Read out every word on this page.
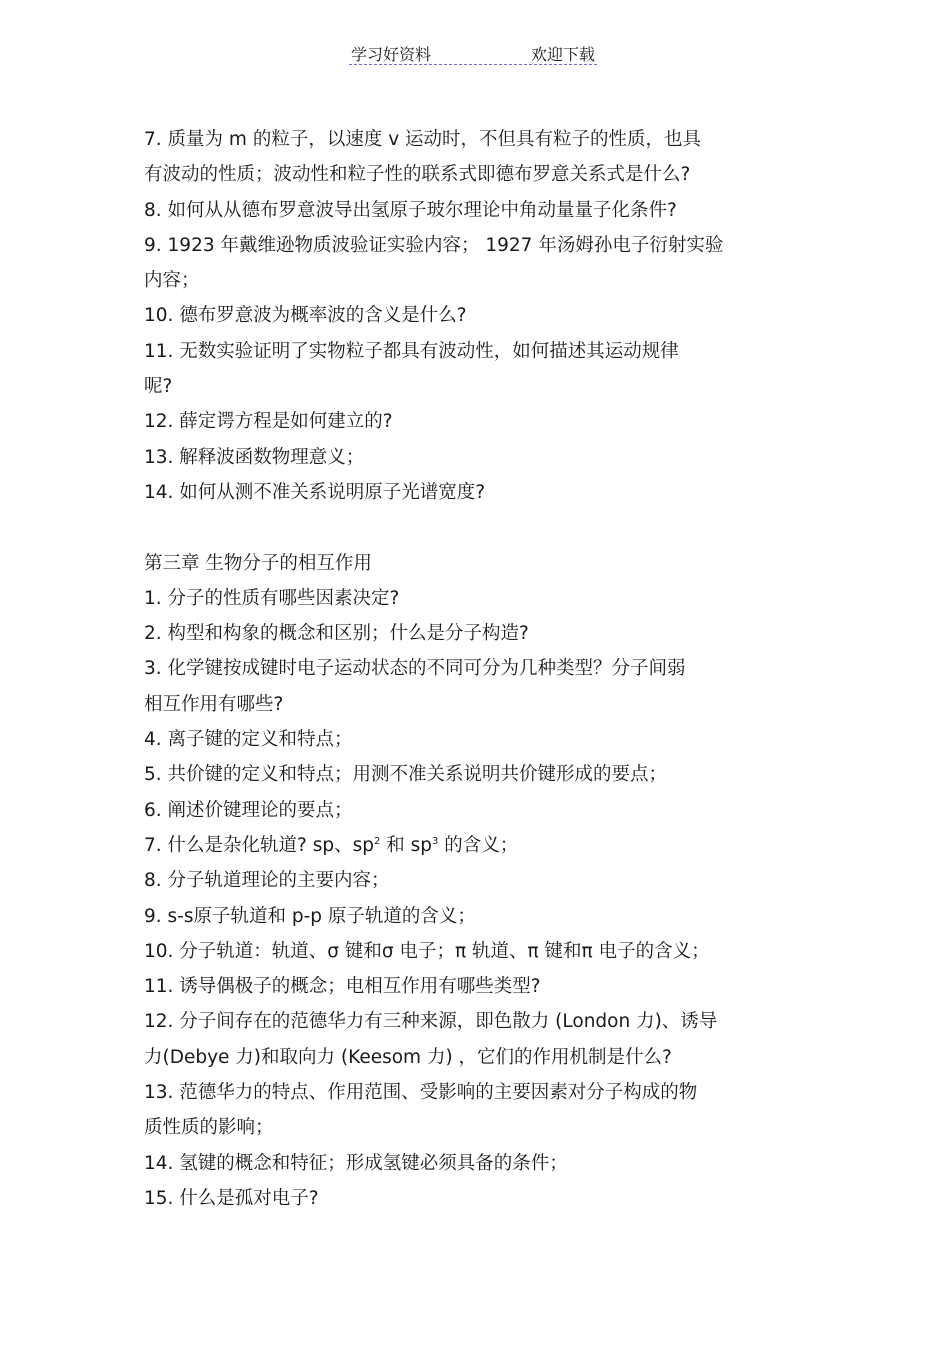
学习好资料	欢迎下载
7. 质量为 m 的粒子，以速度 v 运动时，不但具有粒子的性质，也具
有波动的性质；波动性和粒子性的联系式即德布罗意关系式是什么?
8. 如何从从德布罗意波导出氢原子玻尔理论中角动量量子化条件?
9. 1923 年戴维逊物质波验证实验内容； 1927 年汤姆孙电子衍射实验
内容；
10. 德布罗意波为概率波的含义是什么?
11. 无数实验证明了实物粒子都具有波动性，如何描述其运动规律
呢?
12. 薛定谔方程是如何建立的?
13. 解释波函数物理意义；
14. 如何从测不准关系说明原子光谱宽度?
第三章 生物分子的相互作用
1. 分子的性质有哪些因素决定?
2. 构型和构象的概念和区别；什么是分子构造?
3. 化学键按成键时电子运动状态的不同可分为几种类型？分子间弱
相互作用有哪些?
4. 离子键的定义和特点；
5. 共价键的定义和特点；用测不准关系说明共价键形成的要点；
6. 阐述价键理论的要点；
7. 什么是杂化轨道? sp、$sp^2$ 和 $sp^3$ 的含义；
8. 分子轨道理论的主要内容；
9. s-s原子轨道和 p-p 原子轨道的含义；
10. 分子轨道：轨道、σ 键和σ 电子；π 轨道、π 键和π 电子的含义；
11. 诱导偶极子的概念；电相互作用有哪些类型?
12. 分子间存在的范德华力有三种来源，即色散力 (London 力)、诱导
力(Debye 力)和取向力 (Keesom 力) ，它们的作用机制是什么?
13. 范德华力的特点、作用范围、受影响的主要因素对分子构成的物
质性质的影响；
14. 氢键的概念和特征；形成氢键必须具备的条件；
15. 什么是孤对电子?
